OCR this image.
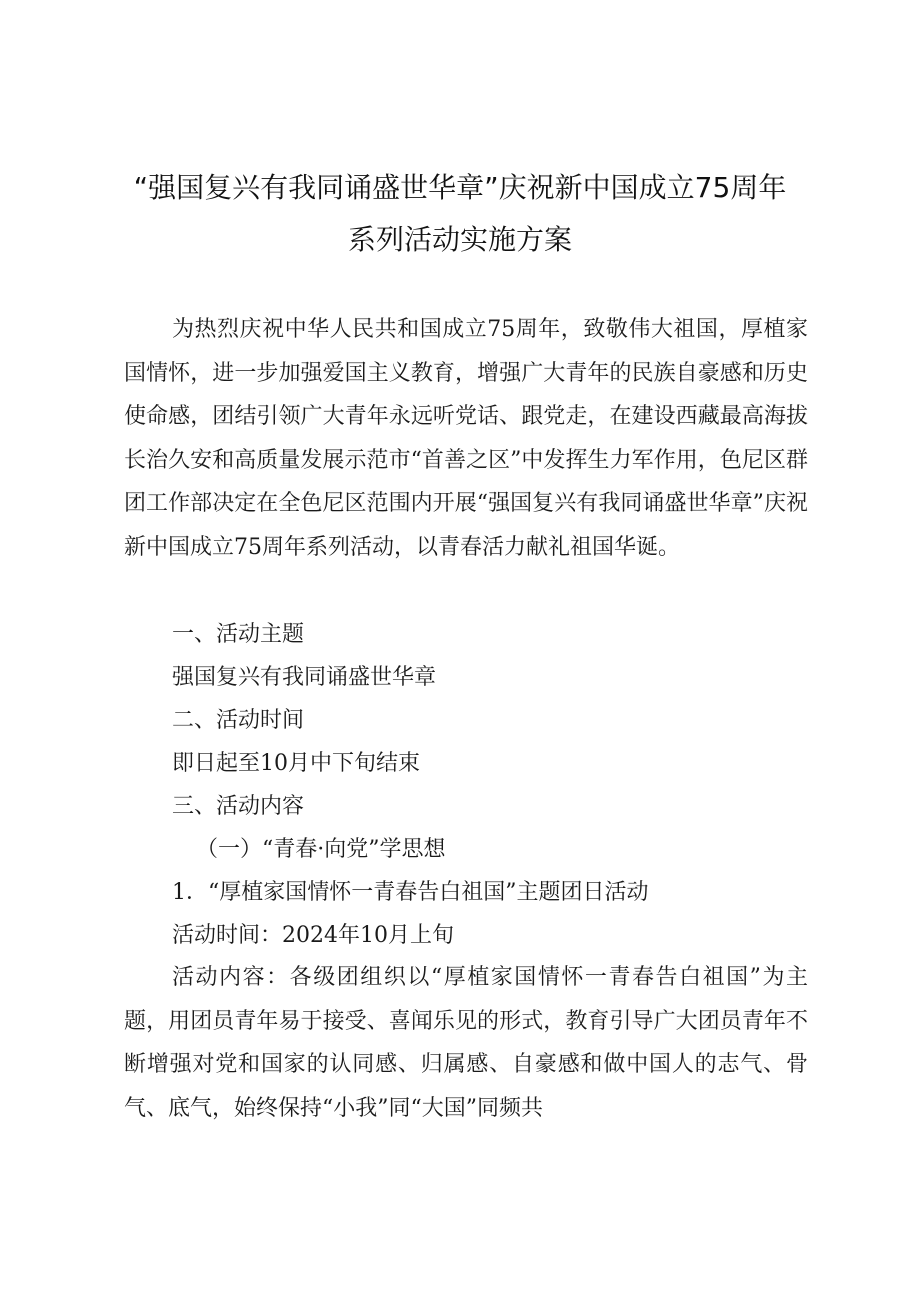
“强国复兴有我同诵盛世华章”庆祝新中国成立75周年
系列活动实施方案
为热烈庆祝中华人民共和国成立75周年，致敬伟大祖国，厚植家国情怀，进一步加强爱国主义教育，增强广大青年的民族自豪感和历史使命感，团结引领广大青年永远听党话、跟党走，在建设西藏最高海拔长治久安和高质量发展示范市“首善之区”中发挥生力军作用，色尼区群团工作部决定在全色尼区范围内开展“强国复兴有我同诵盛世华章”庆祝新中国成立75周年系列活动，以青春活力献礼祖国华诞。
一、活动主题
强国复兴有我同诵盛世华章
二、活动时间
即日起至10月中下旬结束
三、活动内容
（一）“青春·向党”学思想
1．“厚植家国情怀一青春告白祖国”主题团日活动
活动时间：2024年10月上旬
活动内容：各级团组织以“厚植家国情怀一青春告白祖国”为主题，用团员青年易于接受、喜闻乐见的形式，教育引导广大团员青年不断增强对党和国家的认同感、归属感、自豪感和做中国人的志气、骨气、底气，始终保持“小我”同“大国”同频共
